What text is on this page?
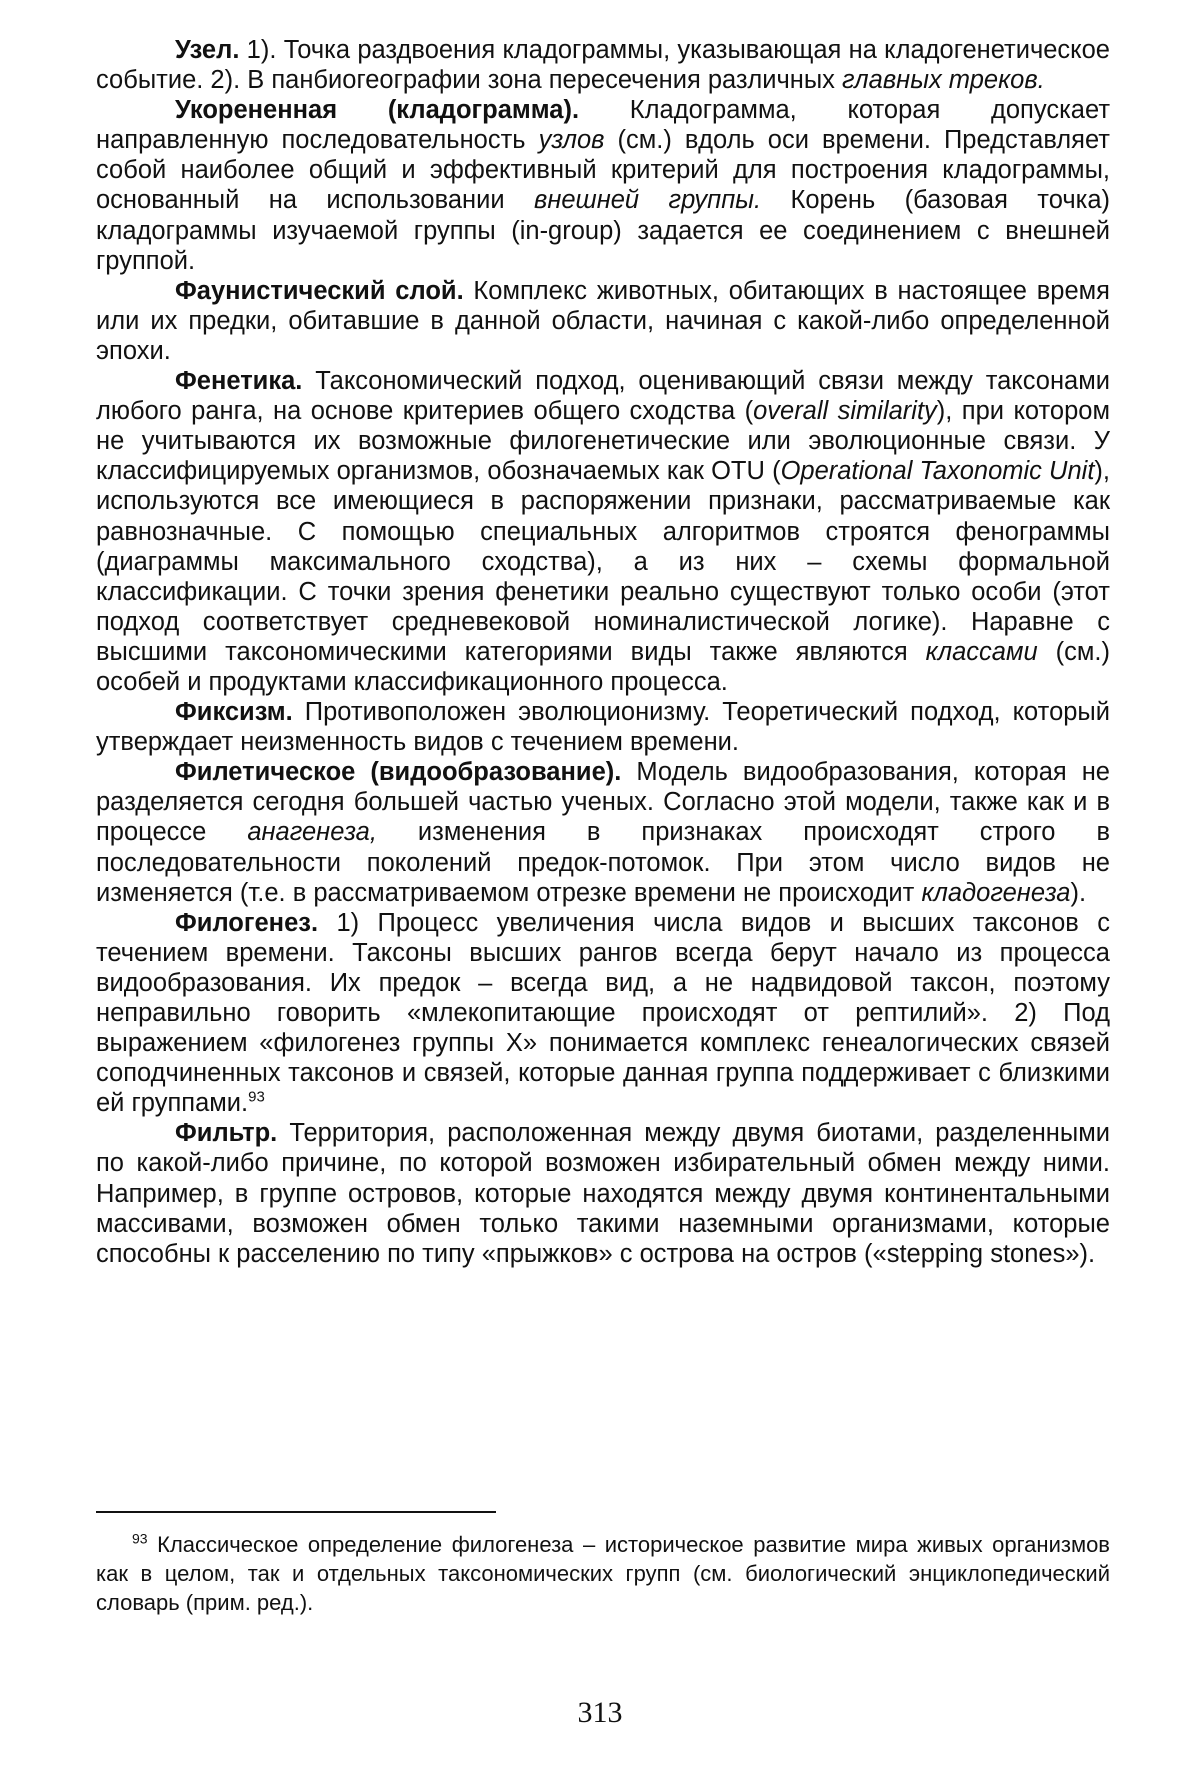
Узел. 1). Точка раздвоения кладограммы, указывающая на кладогенетическое событие. 2). В панбиогеографии зона пересечения различных главных треков.

Укорененная (кладограмма). Кладограмма, которая допускает направленную последовательность узлов (см.) вдоль оси времени. Представляет собой наиболее общий и эффективный критерий для построения кладограммы, основанный на использовании внешней группы. Корень (базовая точка) кладограммы изучаемой группы (in-group) задается ее соединением с внешней группой.

Фаунистический слой. Комплекс животных, обитающих в настоящее время или их предки, обитавшие в данной области, начиная с какой-либо определенной эпохи.

Фенетика. Таксономический подход, оценивающий связи между таксонами любого ранга, на основе критериев общего сходства (overall similarity), при котором не учитываются их возможные филогенетические или эволюционные связи. У классифицируемых организмов, обозначаемых как OTU (Operational Taxonomic Unit), используются все имеющиеся в распоряжении признаки, рассматриваемые как равнозначные. С помощью специальных алгоритмов строятся фенограммы (диаграммы максимального сходства), а из них – схемы формальной классификации. С точки зрения фенетики реально существуют только особи (этот подход соответствует средневековой номиналистической логике). Наравне с высшими таксономическими категориями виды также являются классами (см.) особей и продуктами классификационного процесса.

Фиксизм. Противоположен эволюционизму. Теоретический подход, который утверждает неизменность видов с течением времени.

Филетическое (видообразование). Модель видообразования, которая не разделяется сегодня большей частью ученых. Согласно этой модели, также как и в процессе анагенеза, изменения в признаках происходят строго в последовательности поколений предок-потомок. При этом число видов не изменяется (т.е. в рассматриваемом отрезке времени не происходит кладогенеза).

Филогенез. 1) Процесс увеличения числа видов и высших таксонов с течением времени. Таксоны высших рангов всегда берут начало из процесса видообразования. Их предок – всегда вид, а не надвидовой таксон, поэтому неправильно говорить «млекопитающие происходят от рептилий». 2) Под выражением «филогенез группы Х» понимается комплекс генеалогических связей соподчиненных таксонов и связей, которые данная группа поддерживает с близкими ей группами.$^{93}$

Фильтр. Территория, расположенная между двумя биотами, разделенными по какой-либо причине, по которой возможен избирательный обмен между ними. Например, в группе островов, которые находятся между двумя континентальными массивами, возможен обмен только такими наземными организмами, которые способны к расселению по типу «прыжков» с острова на остров («stepping stones»).

$^{93}$ Классическое определение филогенеза – историческое развитие мира живых организмов как в целом, так и отдельных таксономических групп (см. биологический энциклопедический словарь (прим. ред.).

313
